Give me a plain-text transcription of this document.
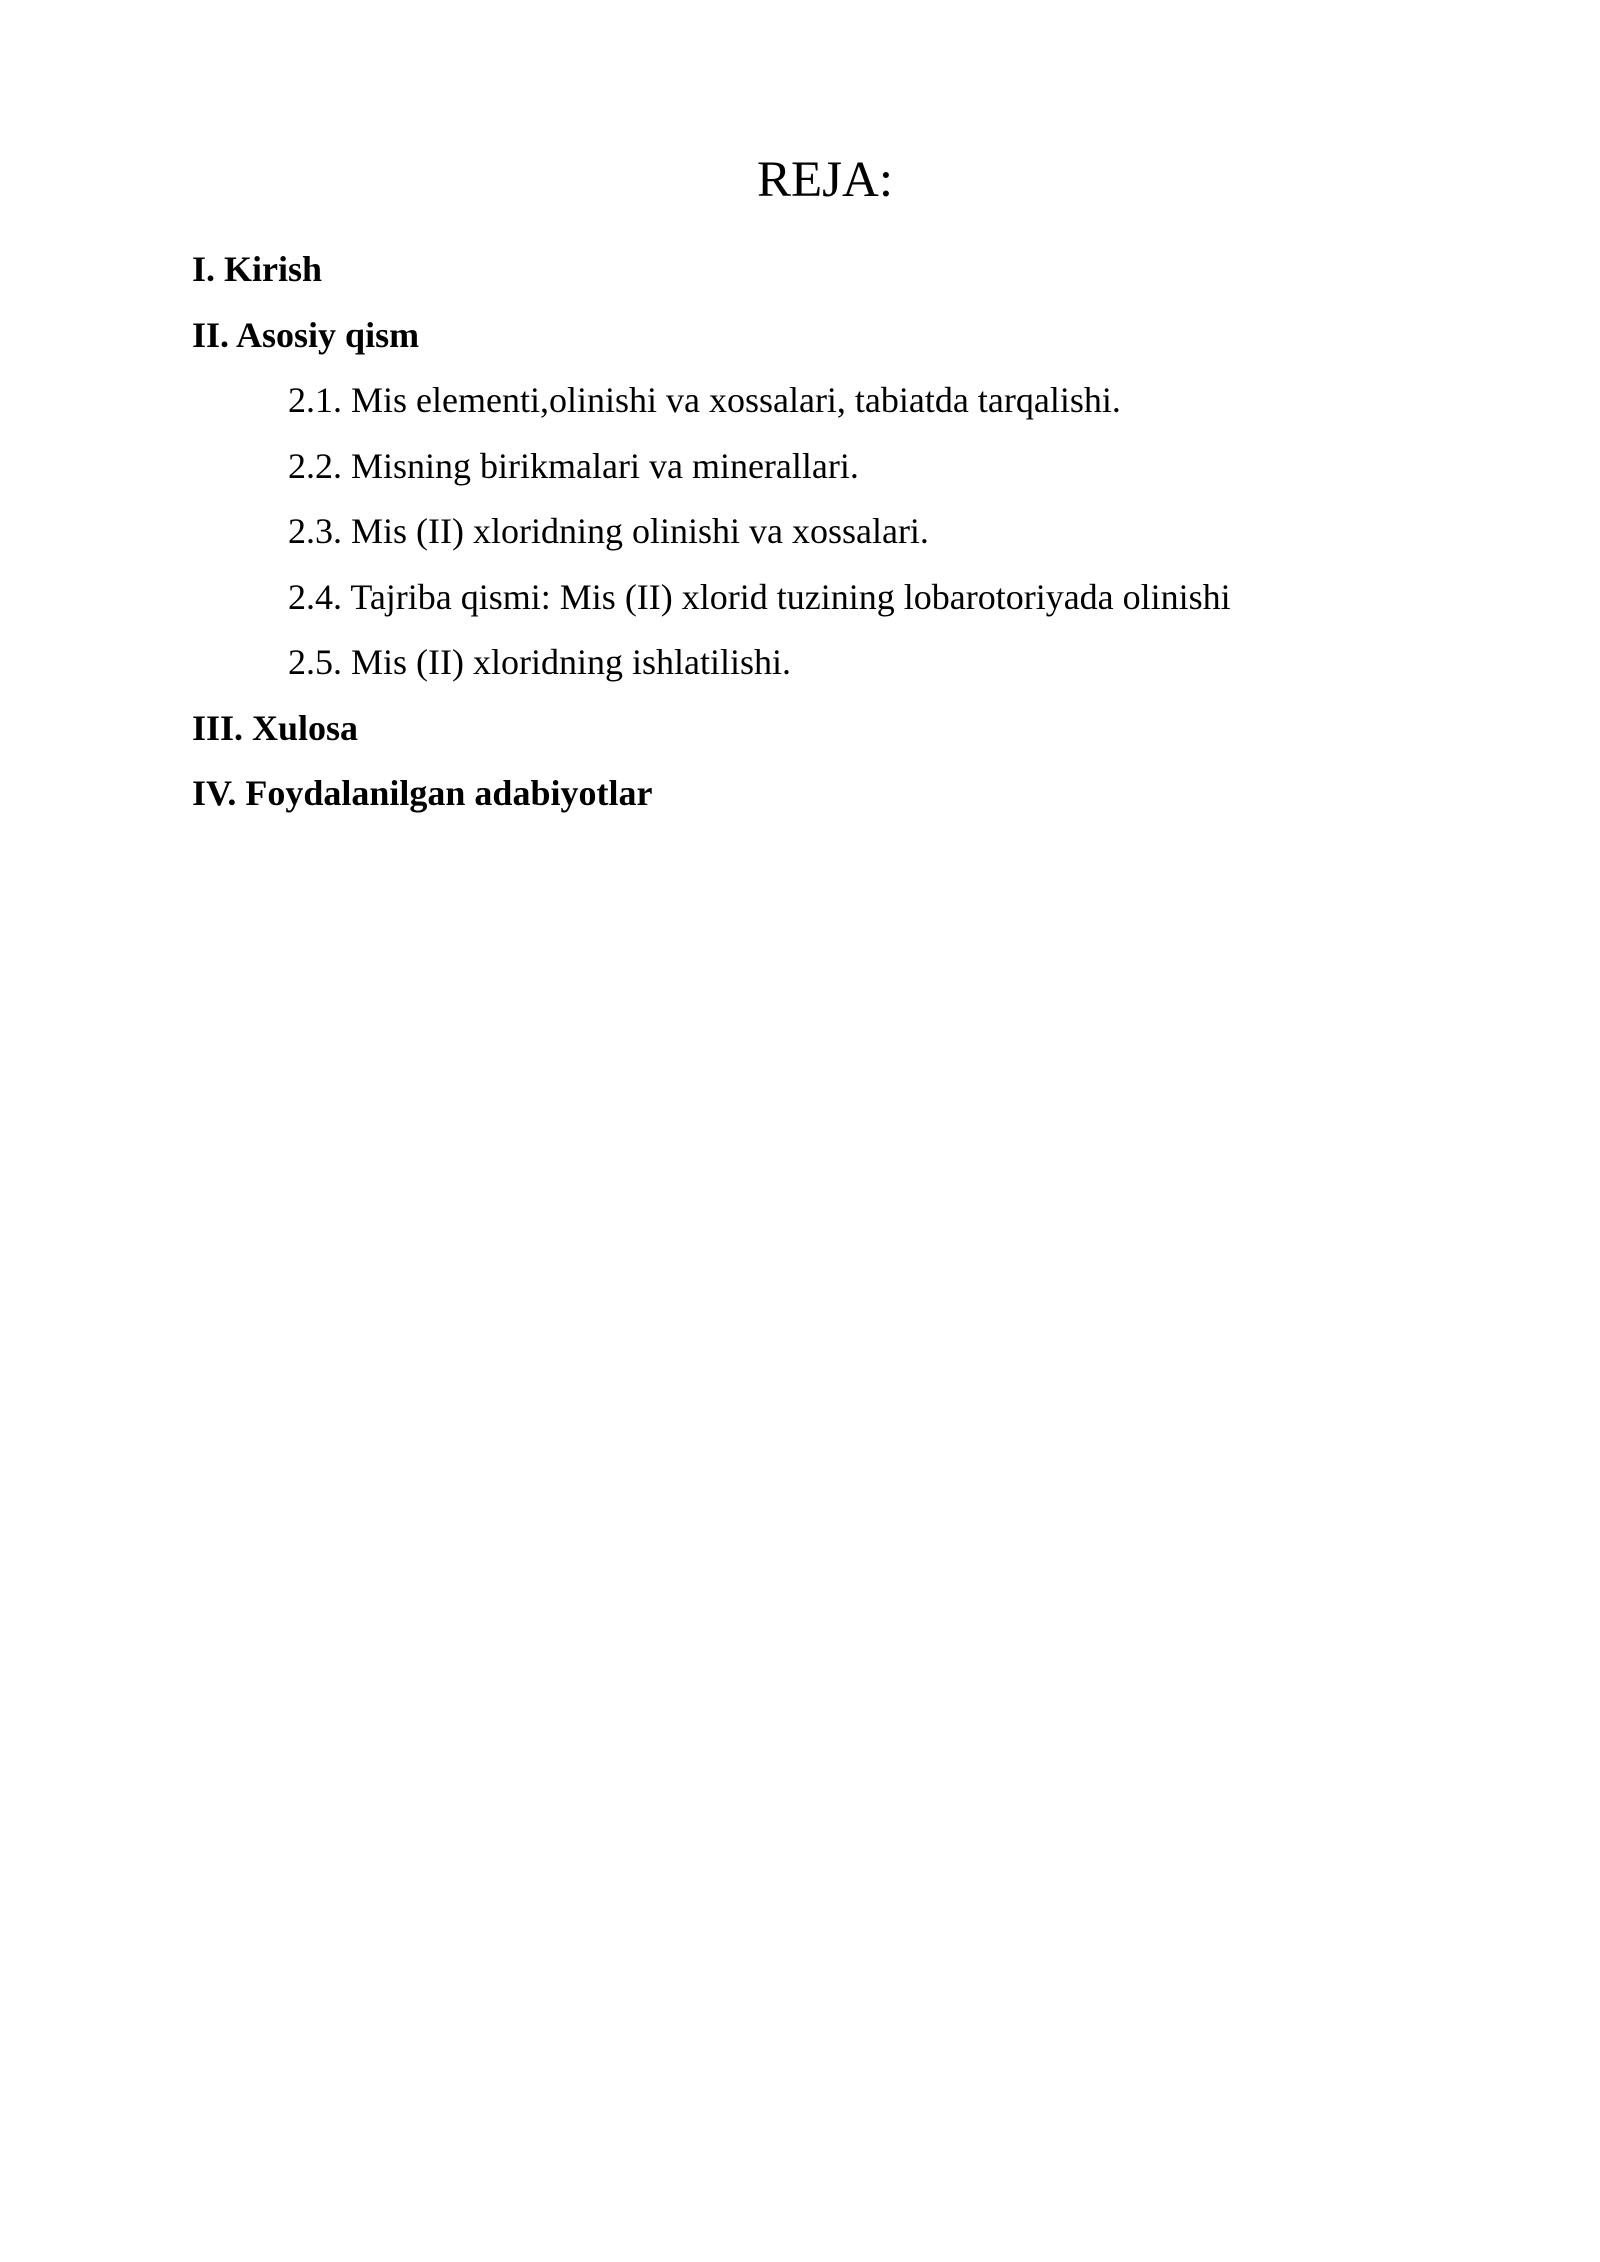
REJA:
I. Kirish
II. Asosiy qism
2.1. Mis elementi,olinishi va xossalari, tabiatda tarqalishi.
2.2. Misning birikmalari va minerallari.
2.3. Mis (II) xloridning olinishi va xossalari.
2.4. Tajriba qismi: Mis (II) xlorid tuzining lobarotoriyada olinishi
2.5. Mis (II) xloridning ishlatilishi.
III. Xulosa
IV. Foydalanilgan adabiyotlar
